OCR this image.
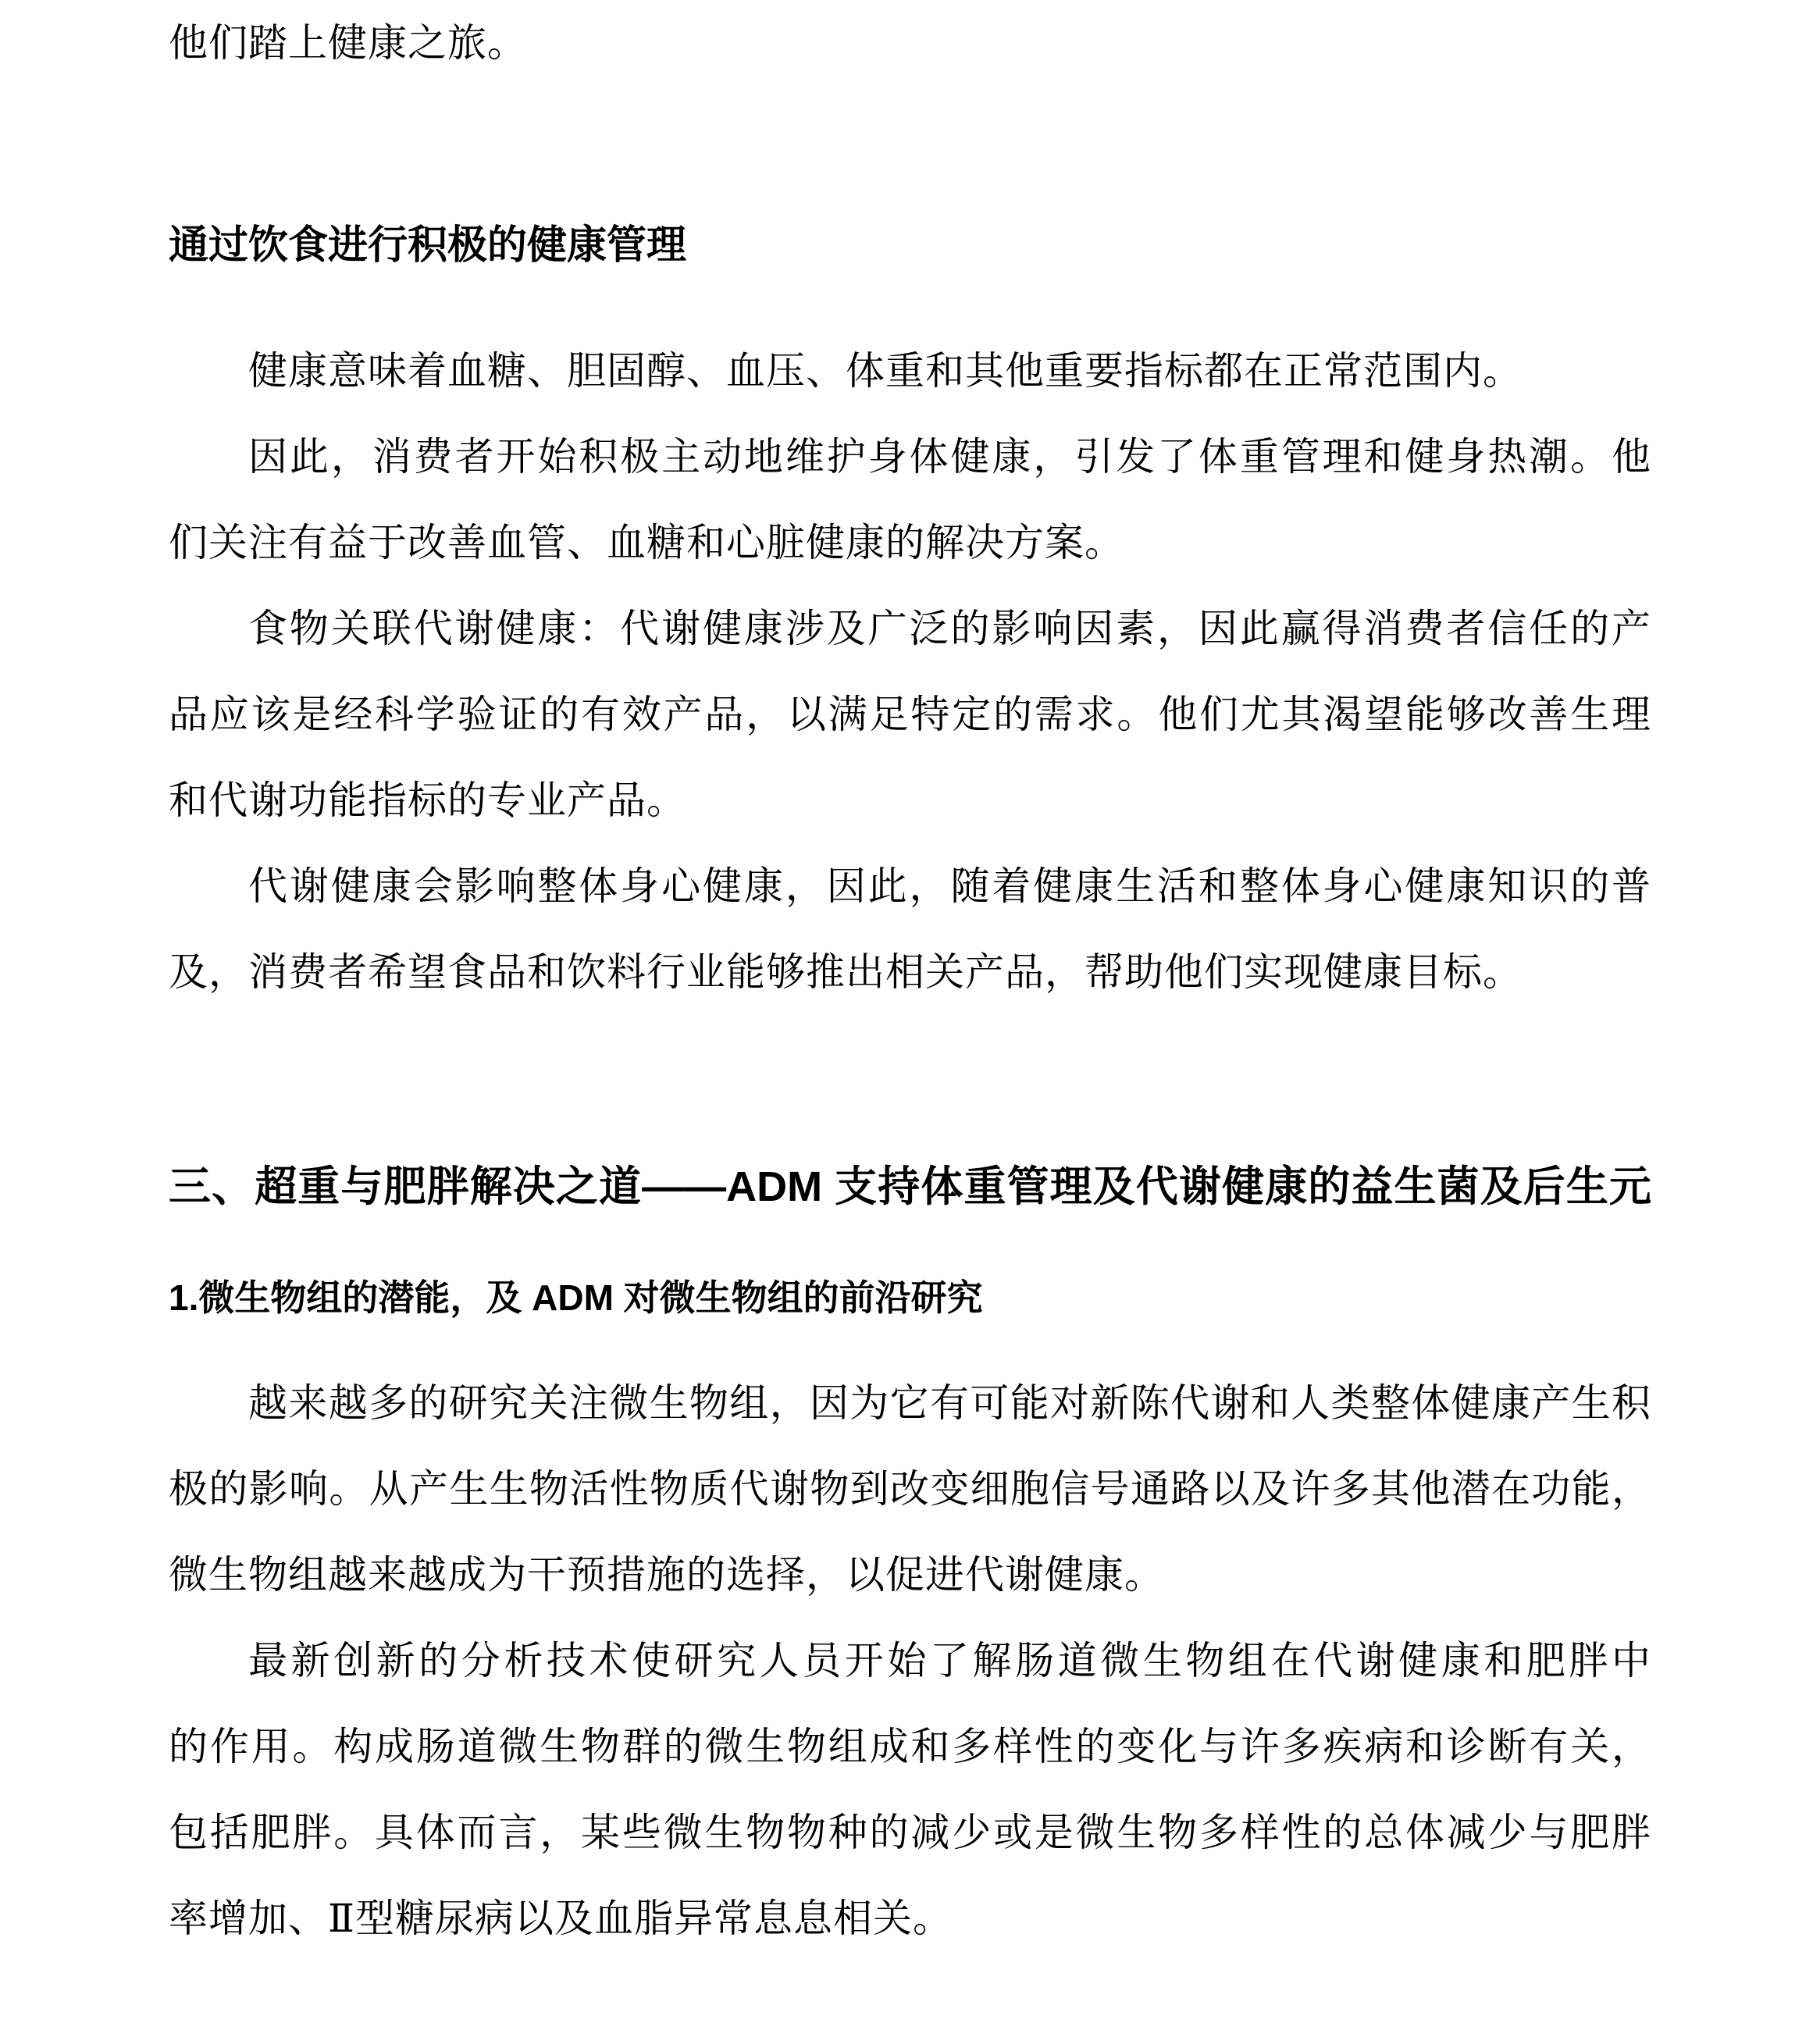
他们踏上健康之旅。
通过饮食进行积极的健康管理
健康意味着血糖、胆固醇、血压、体重和其他重要指标都在正常范围内。
因此，消费者开始积极主动地维护身体健康，引发了体重管理和健身热潮。他
们关注有益于改善血管、血糖和心脏健康的解决方案。
食物关联代谢健康：代谢健康涉及广泛的影响因素，因此赢得消费者信任的产
品应该是经科学验证的有效产品，以满足特定的需求。他们尤其渴望能够改善生理
和代谢功能指标的专业产品。
代谢健康会影响整体身心健康，因此，随着健康生活和整体身心健康知识的普
及，消费者希望食品和饮料行业能够推出相关产品，帮助他们实现健康目标。
三、超重与肥胖解决之道——ADM 支持体重管理及代谢健康的益生菌及后生元
1.微生物组的潜能，及 ADM 对微生物组的前沿研究
越来越多的研究关注微生物组，因为它有可能对新陈代谢和人类整体健康产生积
极的影响。从产生生物活性物质代谢物到改变细胞信号通路以及许多其他潜在功能，
微生物组越来越成为干预措施的选择，以促进代谢健康。
最新创新的分析技术使研究人员开始了解肠道微生物组在代谢健康和肥胖中
的作用。构成肠道微生物群的微生物组成和多样性的变化与许多疾病和诊断有关，
包括肥胖。具体而言，某些微生物物种的减少或是微生物多样性的总体减少与肥胖
率增加、Ⅱ型糖尿病以及血脂异常息息相关。
